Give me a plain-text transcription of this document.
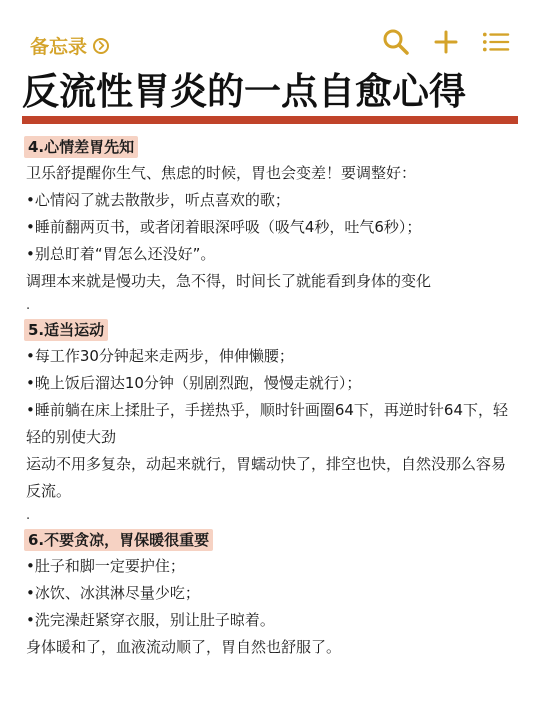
备忘录
反流性胃炎的一点自愈心得
4.心情差胃先知

卫乐舒提醒你生气、焦虑的时候，胃也会变差！要调整好：

•心情闷了就去散散步，听点喜欢的歌；

•睡前翻两页书，或者闭着眼深呼吸（吸气4秒，吐气6秒）；

•别总盯着“胃怎么还没好”。

调理本来就是慢功夫，急不得，时间长了就能看到身体的变化

.

5.适当运动

•每工作30分钟起来走两步，伸伸懒腰；

•晚上饭后溜达10分钟（别剧烈跑，慢慢走就行）；

•睡前躺在床上揉肚子，手搓热乎，顺时针画圈64下，再逆时针64下，轻轻的别使大劲

运动不用多复杂，动起来就行，胃蠕动快了，排空也快，自然没那么容易反流。

.

6.不要贪凉，胃保暖很重要

•肚子和脚一定要护住；

•冰饮、冰淇淋尽量少吃；

•洗完澡赶紧穿衣服，别让肚子晾着。

身体暖和了，血液流动顺了，胃自然也舒服了。
